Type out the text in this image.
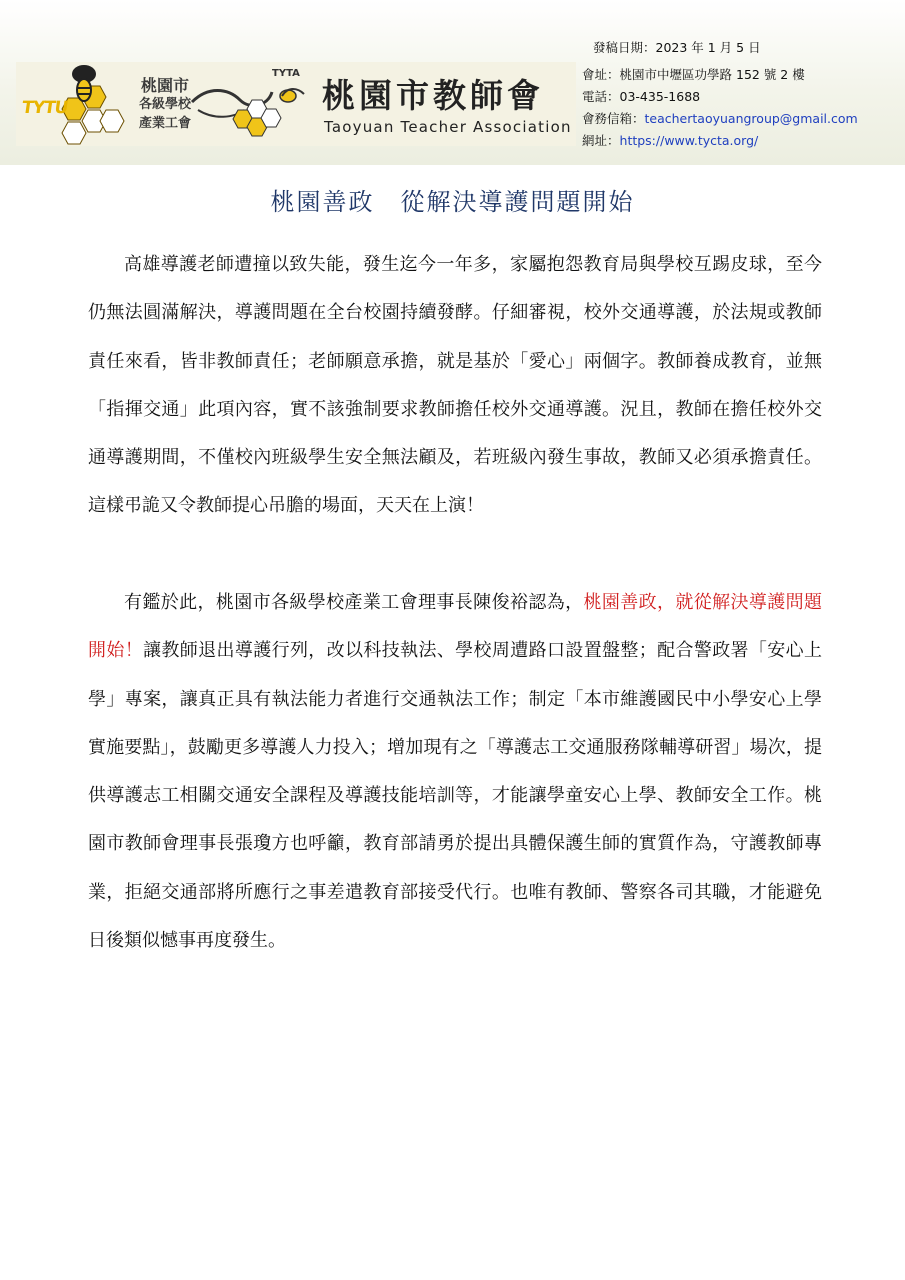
TYTU
桃園市
各級學校
產業工會
TYTA
桃園市教師會
Taoyuan Teacher Association
發稿日期：2023 年 1 月 5 日
會址：桃園市中壢區功學路 152 號 2 樓
電話：03-435-1688
會務信箱：teachertaoyuangroup@gmail.com
網址：https://www.tycta.org/
桃園善政　從解決導護問題開始

高雄導護老師遭撞以致失能，發生迄今一年多，家屬抱怨教育局與學校互踢皮球，至今仍無法圓滿解決，導護問題在全台校園持續發酵。仔細審視，校外交通導護，於法規或教師責任來看，皆非教師責任；老師願意承擔，就是基於「愛心」兩個字。教師養成教育，並無「指揮交通」此項內容，實不該強制要求教師擔任校外交通導護。況且，教師在擔任校外交通導護期間，不僅校內班級學生安全無法顧及，若班級內發生事故，教師又必須承擔責任。這樣弔詭又令教師提心吊膽的場面，天天在上演！

有鑑於此，桃園市各級學校產業工會理事長陳俊裕認為，桃園善政，就從解決導護問題開始！讓教師退出導護行列，改以科技執法、學校周遭路口設置盤整；配合警政署「安心上學」專案，讓真正具有執法能力者進行交通執法工作；制定「本市維護國民中小學安心上學實施要點」，鼓勵更多導護人力投入；增加現有之「導護志工交通服務隊輔導研習」場次，提供導護志工相關交通安全課程及導護技能培訓等，才能讓學童安心上學、教師安全工作。桃園市教師會理事長張瓊方也呼籲，教育部請勇於提出具體保護生師的實質作為，守護教師專業，拒絕交通部將所應行之事差遣教育部接受代行。也唯有教師、警察各司其職，才能避免日後類似憾事再度發生。
